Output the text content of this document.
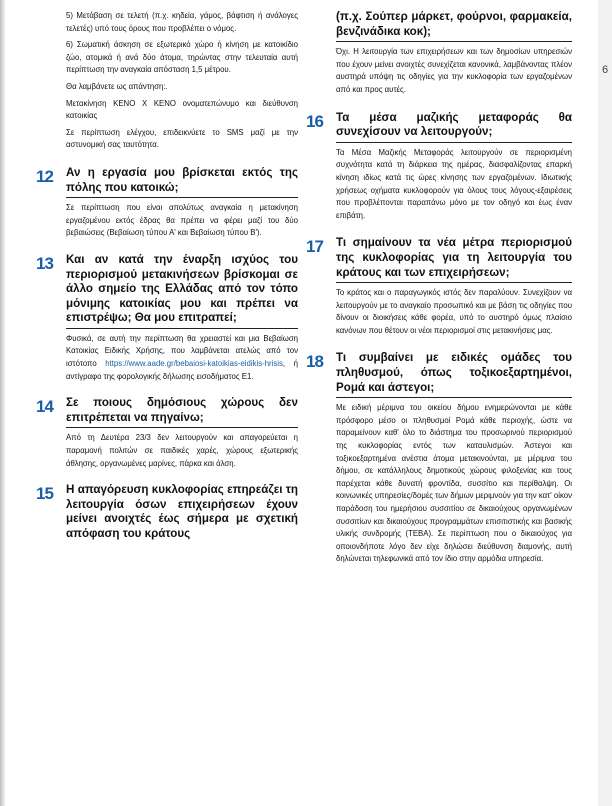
6

5) Μετάβαση σε τελετή (π.χ. κηδεία, γάμος, βάφτιση ή ανάλογες τελετές) υπό τους όρους που προβλέπει ο νόμος.

6) Σωματική άσκηση σε εξωτερικό χώρο ή κίνηση με κατοικίδιο ζώο, ατομικά ή ανά δύο άτομα, τηρώντας στην τελευταία αυτή περίπτωση την αναγκαία απόσταση 1,5 μέτρου.

Θα λαμβάνετε ως απάντηση:.

Μετακίνηση ΚΕΝΟ Χ ΚΕΝΟ ονοματεπώνυμο και διεύθυνση κατοικίας

Σε περίπτωση ελέγχου, επιδεικνύετε το SMS μαζί με την αστυνομική σας ταυτότητα.

12	Αν η εργασία μου βρίσκεται εκτός της πόλης που κατοικώ;
Σε περίπτωση που είναι απολύτως αναγκαία η μετακίνηση εργαζομένου εκτός έδρας θα πρέπει να φέρει μαζί του δύο βεβαιώσεις (Βεβαίωση τύπου Α' και Βεβαίωση τύπου Β').
13	Και αν κατά την έναρξη ισχύος του περιορισμού μετακινήσεων βρίσκομαι σε άλλο σημείο της Ελλάδας από τον τόπο μόνιμης κατοικίας μου και πρέπει να επιστρέψω; Θα μου επιτραπεί;
Φυσικά, σε αυτή την περίπτωση θα χρειαστεί και μια Βεβαίωση Κατοικίας Ειδικής Χρήσης, που λαμβάνεται ατελώς από τον ιστότοπο https://www.aade.gr/bebaiosi-katoikias-eidikis-hrisis, ή αντίγραφο της φορολογικής δήλωσης εισοδήματος Ε1.
14	Σε ποιους δημόσιους χώρους δεν επιτρέπεται να πηγαίνω;
Από τη Δευτέρα 23/3 δεν λειτουργούν και απαγορεύεται η παραμονή πολιτών σε παιδικές χαρές, χώρους εξωτερικής άθλησης, οργανωμένες μαρίνες, πάρκα και άλση.
15	Η απαγόρευση κυκλοφορίας επηρεάζει τη λειτουργία όσων επιχειρήσεων έχουν μείνει ανοιχτές έως σήμερα με σχετική απόφαση του κράτους
(π.χ. Σούπερ μάρκετ, φούρνοι, φαρμακεία, βενζινάδικα κοκ);
Όχι. Η λειτουργία των επιχειρήσεων και των δημοσίων υπηρεσιών που έχουν μείνει ανοιχτές συνεχίζεται κανονικά, λαμβάνοντας πλέον αυστηρά υπόψη τις οδηγίες για την κυκλοφορία των εργαζομένων από και προς αυτές.
16	Τα μέσα μαζικής μεταφοράς θα συνεχίσουν να λειτουργούν;
Τα Μέσα Μαζικής Μεταφοράς λειτουργούν σε περιορισμένη συχνότητα κατά τη διάρκεια της ημέρας, διασφαλίζοντας επαρκή κίνηση ιδίως κατά τις ώρες κίνησης των εργαζομένων. Ιδιωτικής χρήσεως οχήματα κυκλοφορούν για όλους τους λόγους-εξαιρέσεις που προβλέπονται παραπάνω μόνο με τον οδηγό και έως έναν επιβάτη.
17	Τι σημαίνουν τα νέα μέτρα περιορισμού της κυκλοφορίας για τη λειτουργία του κράτους και των επιχειρήσεων;
Το κράτος και ο παραγωγικός ιστός δεν παραλύουν. Συνεχίζουν να λειτουργούν με το αναγκαίο προσωπικό και με βάση τις οδηγίες που δίνουν οι διοικήσεις κάθε φορέα, υπό το αυστηρό όμως πλαίσιο κανόνων που θέτουν οι νέοι περιορισμοί στις μετακινήσεις μας.
18	Τι συμβαίνει με ειδικές ομάδες του πληθυσμού, όπως τοξικοεξαρτημένοι, Ρομά και άστεγοι;
Με ειδική μέριμνα του οικείου δήμου ενημερώνονται με κάθε πρόσφορο μέσο οι πληθυσμοί Ρομά κάθε περιοχής, ώστε να παραμείνουν καθ' όλο το διάστημα του προσωρινού περιορισμού της κυκλοφορίας εντός των καταυλισμών. Άστεγοι και τοξικοεξαρτημένα ανέστια άτομα μετακινούνται, με μέριμνα του δήμου, σε κατάλληλους δημοτικούς χώρους φιλοξενίας και τους παρέχεται κάθε δυνατή φροντίδα, συσσίτιο και περίθαλψη. Οι κοινωνικές υπηρεσίες/δομές των δήμων μεριμνούν για την κατ' οίκον παράδοση του ημερήσιου συσσιτίου σε δικαιούχους οργανωμένων συσσιτίων και δικαιούχους προγραμμάτων επισιτιστικής και βασικής υλικής συνδρομής (ΤΕΒΑ). Σε περίπτωση που ο δικαιούχος για οποιονδήποτε λόγο δεν είχε δηλώσει διεύθυνση διαμονής, αυτή δηλώνεται τηλεφωνικά από τον ίδιο στην αρμόδια υπηρεσία.
